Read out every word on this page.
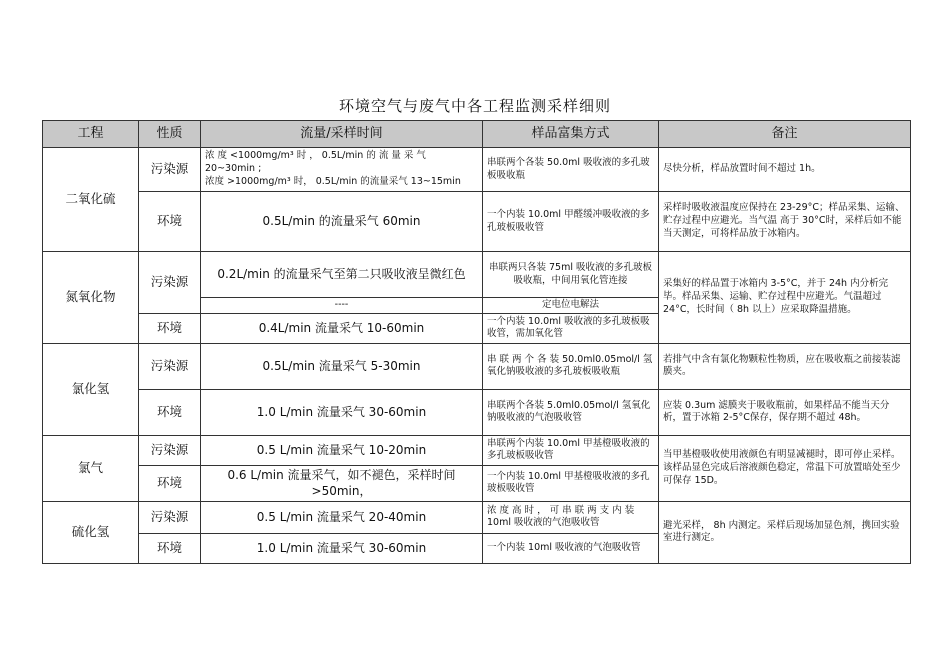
环境空气与废气中各工程监测采样细则
工程	性质	流量/采样时间	样品富集方式	备注
二氧化硫	污染源	浓 度 <1000mg/m³ 时 ， 0.5L/min 的 流 量 采 气 20~30min ;
浓度 >1000mg/m³ 时， 0.5L/min 的流量采气 13~15min	串联两个各装 50.0ml 吸收液的多孔玻板吸收瓶	尽快分析，样品放置时间不超过 1h。
	环境	0.5L/min 的流量采气 60min	一个内装 10.0ml 甲醛缓冲吸收液的多孔玻板吸收管	采样时吸收液温度应保持在 23-29°C；样品采集、运输、贮存过程中应避光。当气温 高于 30°C时，采样后如不能当天测定，可将样品放于冰箱内。
氮氧化物	污染源	0.2L/min 的流量采气至第二只吸收液呈微红色	串联两只各装 75ml 吸收液的多孔玻板吸收瓶，中间用氧化管连接	采集好的样品置于冰箱内 3-5°C，并于 24h 内分析完毕。样品采集、运输、贮存过程中应避光。气温超过 24°C，长时间（ 8h 以上）应采取降温措施。
		----	定电位电解法	
	环境	0.4L/min 流量采气 10-60min	一个内装 10.0ml 吸收液的多孔玻板吸收管，需加氧化管	
氯化氢	污染源	0.5L/min 流量采气 5-30min	串 联 两 个 各 装 50.0ml0.05mol/l 氢氧化钠吸收液的多孔玻板吸收瓶	若排气中含有氯化物颗粒性物质，应在吸收瓶之前接装滤膜夹。
	环境	1.0 L/min 流量采气 30-60min	串联两个各装 5.0ml0.05mol/l 氢氧化钠吸收液的气泡吸收管	应装 0.3um 滤膜夹于吸收瓶前，如果样品不能当天分析，置于冰箱 2-5°C保存，保存期不超过 48h。
氯气	污染源	0.5 L/min 流量采气 10-20min	串联两个内装 10.0ml 甲基橙吸收液的多孔玻板吸收管	当甲基橙吸收使用液颜色有明显减褪时，即可停止采样。该样品显色完成后溶液颜色稳定，常温下可放置暗处至少可保存 15D。
	环境	0.6 L/min 流量采气，如不褪色，采样时间>50min，	一个内装 10.0ml 甲基橙吸收液的多孔玻板吸收管	
硫化氢	污染源	0.5 L/min 流量采气 20-40min	浓 度 高 时 ， 可 串 联 两 支 内 装 10ml 吸收液的气泡吸收管	避光采样， 8h 内测定。采样后现场加显色剂，携回实验室进行测定。
	环境	1.0 L/min 流量采气 30-60min	一个内装 10ml 吸收液的气泡吸收管	
